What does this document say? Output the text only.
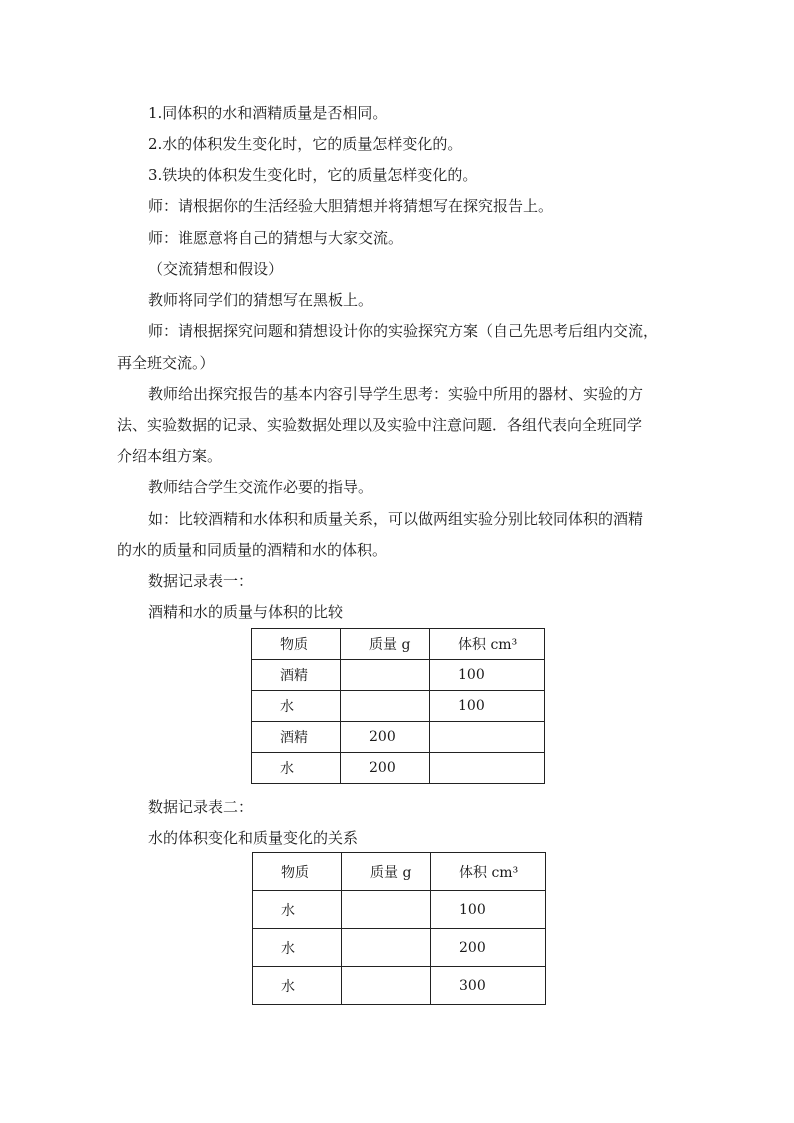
1.同体积的水和酒精质量是否相同。
2.水的体积发生变化时，它的质量怎样变化的。
3.铁块的体积发生变化时，它的质量怎样变化的。
师：请根据你的生活经验大胆猜想并将猜想写在探究报告上。
师：谁愿意将自己的猜想与大家交流。
（交流猜想和假设）
教师将同学们的猜想写在黑板上。
师：请根据探究问题和猜想设计你的实验探究方案（自己先思考后组内交流，
再全班交流。）
教师给出探究报告的基本内容引导学生思考：实验中所用的器材、实验的方
法、实验数据的记录、实验数据处理以及实验中注意问题．各组代表向全班同学
介绍本组方案。
教师结合学生交流作必要的指导。
如：比较酒精和水体积和质量关系，可以做两组实验分别比较同体积的酒精
的水的质量和同质量的酒精和水的体积。
数据记录表一：
酒精和水的质量与体积的比较
物质	质量 g	体积 cm³
酒精		100
水		100
酒精	200	
水	200	
数据记录表二：
水的体积变化和质量变化的关系
物质	质量 g	体积 cm³
水		100
水		200
水		300
